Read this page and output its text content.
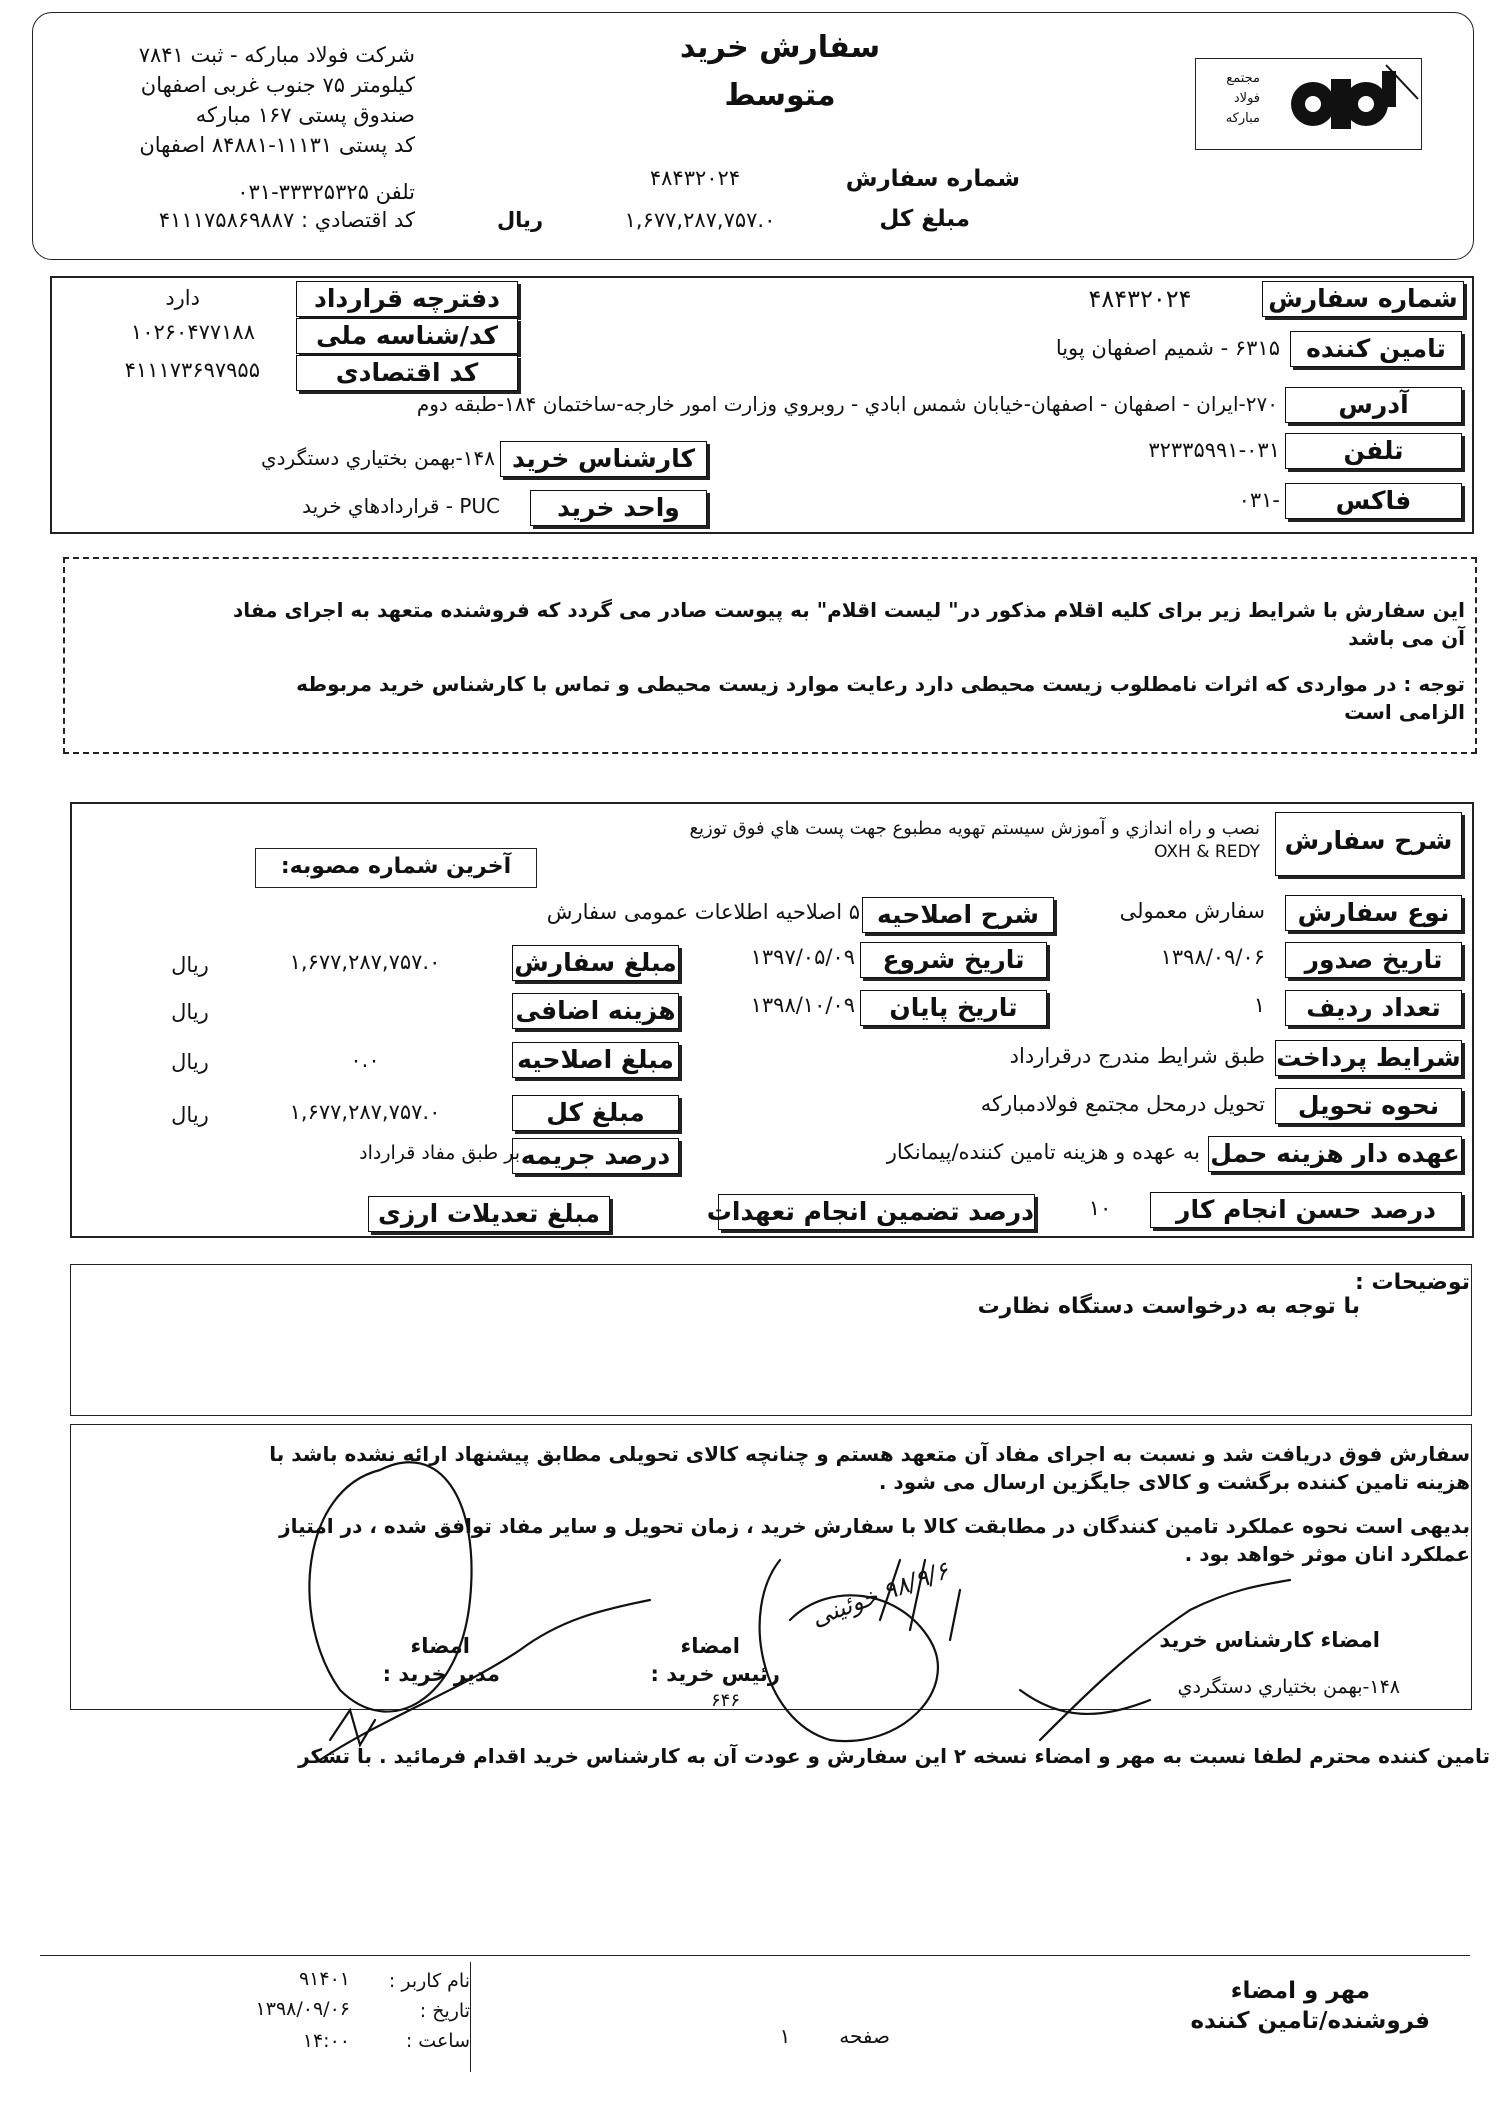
سفارش خرید
متوسط	مجتمع فولاد مبارکه
شرکت فولاد مبارکه - ثبت ۷۸۴۱
کیلومتر ۷۵ جنوب غربی اصفهان
صندوق پستی ۱۶۷ مبارکه
کد پستی ۱۱۱۳۱-۸۴۸۸۱ اصفهان
تلفن ۳۳۳۲۵۳۲۵-۰۳۱
کد اقتصادي : ۴۱۱۱۷۵۸۶۹۸۸۷
شماره سفارش
۴۸۴۳۲۰۲۴
مبلغ کل
۱,۶۷۷,۲۸۷,۷۵۷.۰
ریال
شماره سفارش
۴۸۴۳۲۰۲۴
تامین کننده
۶۳۱۵ - شمیم اصفهان پویا
آدرس
۲۷۰-ایران - اصفهان - اصفهان-خیابان شمس ابادي - روبروي وزارت امور خارجه-ساختمان ۱۸۴-طبقه دوم
تلفن
۳۲۳۳۵۹۹۱-۰۳۱
فاکس
-۰۳۱
دفترچه قرارداد
دارد
کد/شناسه ملی
۱۰۲۶۰۴۷۷۱۸۸
کد اقتصادی
۴۱۱۱۷۳۶۹۷۹۵۵
کارشناس خرید
۱۴۸-بهمن بختياري دستگردي
واحد خرید
PUC - قراردادهاي خريد
این سفارش با شرایط زیر برای کلیه اقلام مذکور در" لیست اقلام" به پیوست صادر می گردد که فروشنده متعهد به اجرای مفاد
آن می باشد
توجه : در مواردی که اثرات نامطلوب زیست محیطی دارد رعایت موارد زیست محیطی و تماس با کارشناس خرید مربوطه
الزامی است
شرح سفارش
نصب و راه اندازي و آموزش سيستم تهويه مطبوع جهت پست هاي فوق توزيع
OXH & REDY
آخرین شماره مصوبه:
نوع سفارش
سفارش معمولی
شرح اصلاحیه
۵ اصلاحیه اطلاعات عمومی سفارش
تاریخ صدور
۱۳۹۸/۰۹/۰۶
تاریخ شروع
۱۳۹۷/۰۵/۰۹
مبلغ سفارش
۱,۶۷۷,۲۸۷,۷۵۷.۰
ریال
تعداد ردیف
۱
تاریخ پایان
۱۳۹۸/۱۰/۰۹
هزینه اضافی
ریال
شرایط پرداخت
طبق شرایط مندرج درقرارداد
مبلغ اصلاحیه
۰.۰
ریال
نحوه تحویل
تحویل درمحل مجتمع فولادمبارکه
مبلغ کل
۱,۶۷۷,۲۸۷,۷۵۷.۰
ریال
عهده دار هزینه حمل
به عهده و هزینه تامین کننده/پیمانکار
درصد جریمه
بر طبق مفاد قرارداد
درصد حسن انجام کار
۱۰
درصد تضمین انجام تعهدات
مبلغ تعدیلات ارزی
توضیحات :
با توجه به درخواست دستگاه نظارت
سفارش فوق دریافت شد و نسبت به اجرای مفاد آن متعهد هستم و چنانچه کالای تحویلی مطابق پیشنهاد ارائه نشده باشد با
هزینه تامین کننده برگشت و کالای جایگزین ارسال می شود .
بدیهی است نحوه عملکرد تامین کنندگان در مطابقت کالا با سفارش خرید ، زمان تحویل و سایر مفاد توافق شده ، در امتیاز
عملکرد انان موثر خواهد بود .
امضاء کارشناس خرید
۱۴۸-بهمن بختياري دستگردي
امضاء
رئیس خرید :
۶۴۶
امضاء
مدیر خرید :
۹۸/۹/۶ خوئینی
تامین کننده محترم لطفا نسبت به مهر و امضاء نسخه ۲ این سفارش و عودت آن به کارشناس خرید اقدام فرمائید . با تشکر
مهر و امضاء
فروشنده/تامین کننده
صفحه
۱
نام کاربر :
۹۱۴۰۱
تاریخ :
۱۳۹۸/۰۹/۰۶
ساعت :
۱۴:۰۰
